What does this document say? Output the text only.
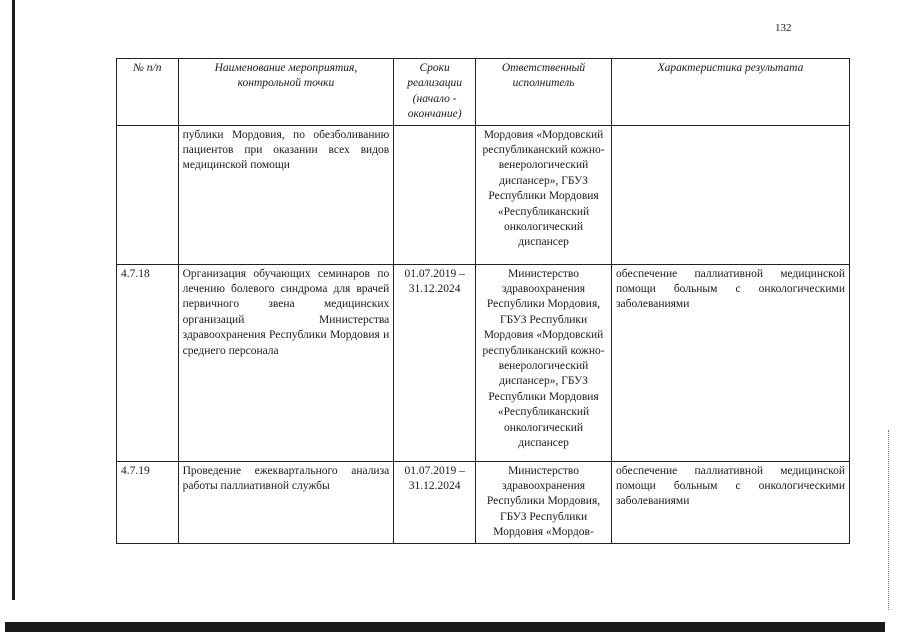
132
№ п/п	Наименование мероприятия, контрольной точки	Сроки реализации (начало - окончание)	Ответственный исполнитель	Характеристика результата
	публики Мордовия, по обезболиванию пациентов при оказании всех видов медицинской помощи		Мордовия «Мордовский республиканский кожно-венерологический диспансер», ГБУЗ Республики Мордовия «Республиканский онкологический диспансер	
4.7.18	Организация обучающих семинаров по лечению болевого синдрома для врачей первичного звена медицинских организаций Министерства здравоохранения Республики Мордовия и среднего персонала	01.07.2019 – 31.12.2024	Министерство здравоохранения Республики Мордовия, ГБУЗ Республики Мордовия «Мордовский республиканский кожно-венерологический диспансер», ГБУЗ Республики Мордовия «Республиканский онкологический диспансер	обеспечение паллиативной медицинской помощи больным с онкологическими заболеваниями
4.7.19	Проведение ежеквартального анализа работы паллиативной службы	01.07.2019 – 31.12.2024	Министерство здравоохранения Республики Мордовия, ГБУЗ Республики Мордовия «Мордов-	обеспечение паллиативной медицинской помощи больным с онкологическими заболеваниями
